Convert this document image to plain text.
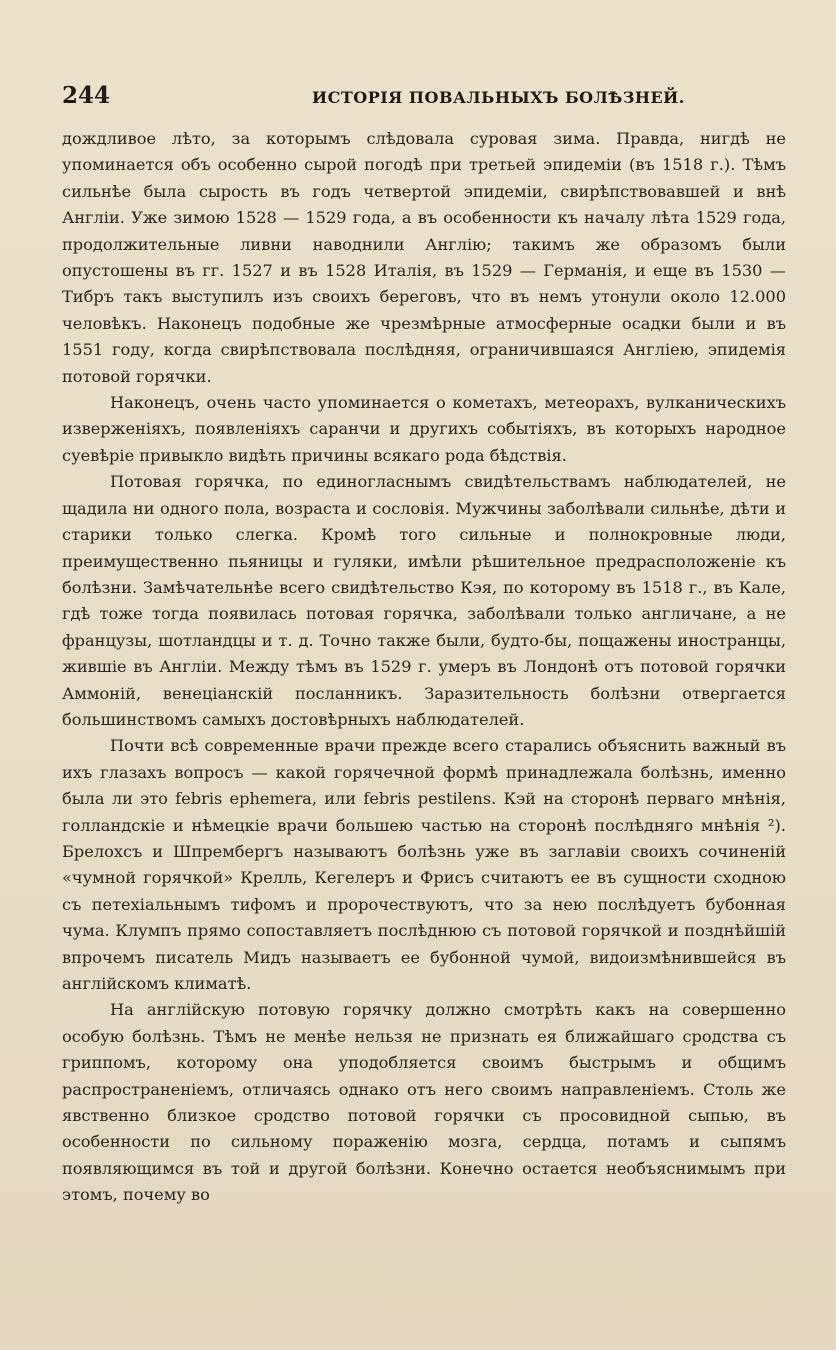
244	ИСТОРІЯ ПОВАЛЬНЫХЪ БОЛѢЗНЕЙ.

дождливое лѣто, за которымъ слѣдовала суровая зима. Правда, нигдѣ не упоминается объ особенно сырой погодѣ при третьей эпидеміи (въ 1518 г.). Тѣмъ сильнѣе была сырость въ годъ четвертой эпидеміи, свирѣпствовавшей и внѣ Англіи. Уже зимою 1528 — 1529 года, а въ особенности къ началу лѣта 1529 года, продолжительные ливни наводнили Англію; такимъ же образомъ были опустошены въ гг. 1527 и въ 1528 Италія, въ 1529 — Германія, и еще въ 1530 — Тибръ такъ выступилъ изъ своихъ береговъ, что въ немъ утонули около 12.000 человѣкъ. Наконецъ подобные же чрезмѣрные атмосферные осадки были и въ 1551 году, когда свирѣпствовала послѣдняя, ограничившаяся Англіею, эпидемія потовой горячки.

Наконецъ, очень часто упоминается о кометахъ, метеорахъ, вулканическихъ изверженіяхъ, появленіяхъ саранчи и другихъ событіяхъ, въ которыхъ народное суевѣріе привыкло видѣть причины всякаго рода бѣдствія.

Потовая горячка, по единогласнымъ свидѣтельствамъ наблюдателей, не щадила ни одного пола, возраста и сословія. Мужчины заболѣвали сильнѣе, дѣти и старики только слегка. Кромѣ того сильные и полнокровные люди, преимущественно пьяницы и гуляки, имѣли рѣшительное предрасположеніе къ болѣзни. Замѣчательнѣе всего свидѣтельство Кэя, по которому въ 1518 г., въ Кале, гдѣ тоже тогда появилась потовая горячка, заболѣвали только англичане, а не французы, шотландцы и т. д. Точно также были, будто-бы, пощажены иностранцы, жившіе въ Англіи. Между тѣмъ въ 1529 г. умеръ въ Лондонѣ отъ потовой горячки Аммоній, венеціанскій посланникъ. Заразительность болѣзни отвергается большинствомъ самыхъ достовѣрныхъ наблюдателей.

Почти всѣ современные врачи прежде всего старались объяснить важный въ ихъ глазахъ вопросъ — какой горячечной формѣ принадлежала болѣзнь, именно была ли это febris ephemera, или febris pestilens. Кэй на сторонѣ перваго мнѣнія, голландскіе и нѣмецкіе врачи большею частью на сторонѣ послѣдняго мнѣнія ²). Брелохсъ и Шпрембергъ называютъ болѣзнь уже въ заглавіи своихъ сочиненій «чумной горячкой» Крелль, Кегелеръ и Фрисъ считаютъ ее въ сущности сходною съ петехіальнымъ тифомъ и пророчествуютъ, что за нею послѣдуетъ бубонная чума. Клумпъ прямо сопоставляетъ послѣднюю съ потовой горячкой и позднѣйшій впрочемъ писатель Мидъ называетъ ее бубонной чумой, видоизмѣнившейся въ англійскомъ климатѣ.

На англійскую потовую горячку должно смотрѣть какъ на совершенно особую болѣзнь. Тѣмъ не менѣе нельзя не признать ея ближайшаго сродства съ гриппомъ, которому она уподобляется своимъ быстрымъ и общимъ распространеніемъ, отличаясь однако отъ него своимъ направленіемъ. Столь же явственно близкое сродство потовой горячки съ просовидной сыпью, въ особенности по сильному пораженію мозга, сердца, потамъ и сыпямъ появляющимся въ той и другой болѣзни. Конечно остается необъяснимымъ при этомъ, почему во
